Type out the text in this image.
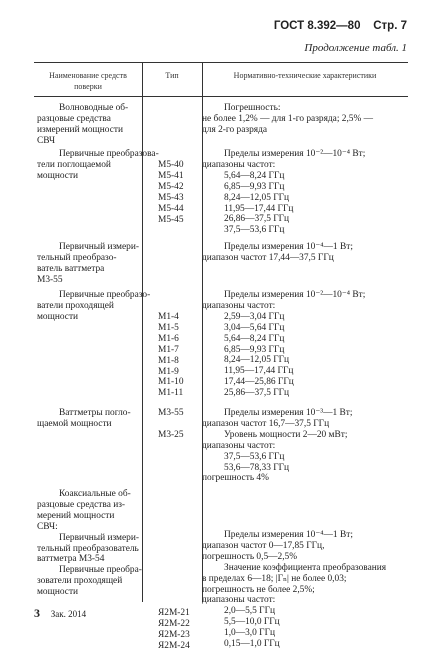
ГОСТ 8.392—80 Стр. 7
Продолжение табл. 1
Наименование средств
поверки
Тип	Нормативно-технические характеристики
Волноводные об-
разцовые средства
измерений мощности
СВЧ
Погрешность:
не более 1,2% — для 1-го разряда; 2,5% —
для 2-го разряда
Первичные преобразова-
тели поглощаемой
мощности
М5-40
М5-41
М5-42
М5-43
М5-44
М5-45
Пределы измерения 10⁻²—10⁻⁴ Вт;
диапазоны частот:
5,64—8,24 ГГц
6,85—9,93 ГГц
8,24—12,05 ГГц
11,95—17,44 ГГц
26,86—37,5 ГГц
37,5—53,6 ГГц
Первичный измери-
тельный преобразо-
ватель ваттметра
М3-55
Пределы измерения 10⁻⁴—1 Вт;
диапазон частот 17,44—37,5 ГГц
Первичные преобразо-
ватели проходящей
мощности	М1-4
М1-5
М1-6
М1-7
М1-8
М1-9
М1-10
М1-11
Пределы измерения 10⁻²—10⁻⁴ Вт;
диапазоны частот:
2,59—3,04 ГГц
3,04—5,64 ГГц
5,64—8,24 ГГц
6,85—9,93 ГГц
8,24—12,05 ГГц
11,95—17,44 ГГц
17,44—25,86 ГГц
25,86—37,5 ГГц
Ваттметры погло-
щаемой мощности
М3-55

М3-25
Пределы измерения 10⁻³—1 Вт;
диапазон частот 16,7—37,5 ГГц
Уровень мощности 2—20 мВт;
диапазоны частот:
37,5—53,6 ГГц
53,6—78,33 ГГц
погрешность 4%
Коаксиальные об-
разцовые средства из-
мерений мощности
СВЧ:
Первичный измери-
тельный преобразователь
ваттметра М3-54
Первичные преобра-
зователи проходящей
мощности
Я2М-21
Я2М-22
Я2М-23
Я2М-24
Пределы измерения 10⁻⁴—1 Вт;
диапазон частот 0—17,85 ГГц,
погрешность 0,5—2,5%
Значение коэффициента преобразования
в пределах 6—18; |Γₙ| не более 0,03;
погрешность не более 2,5%;
диапазоны частот:
2,0—5,5 ГГц
5,5—10,0 ГГц
1,0—3,0 ГГц
0,15—1,0 ГГц
3 Зак. 2014
